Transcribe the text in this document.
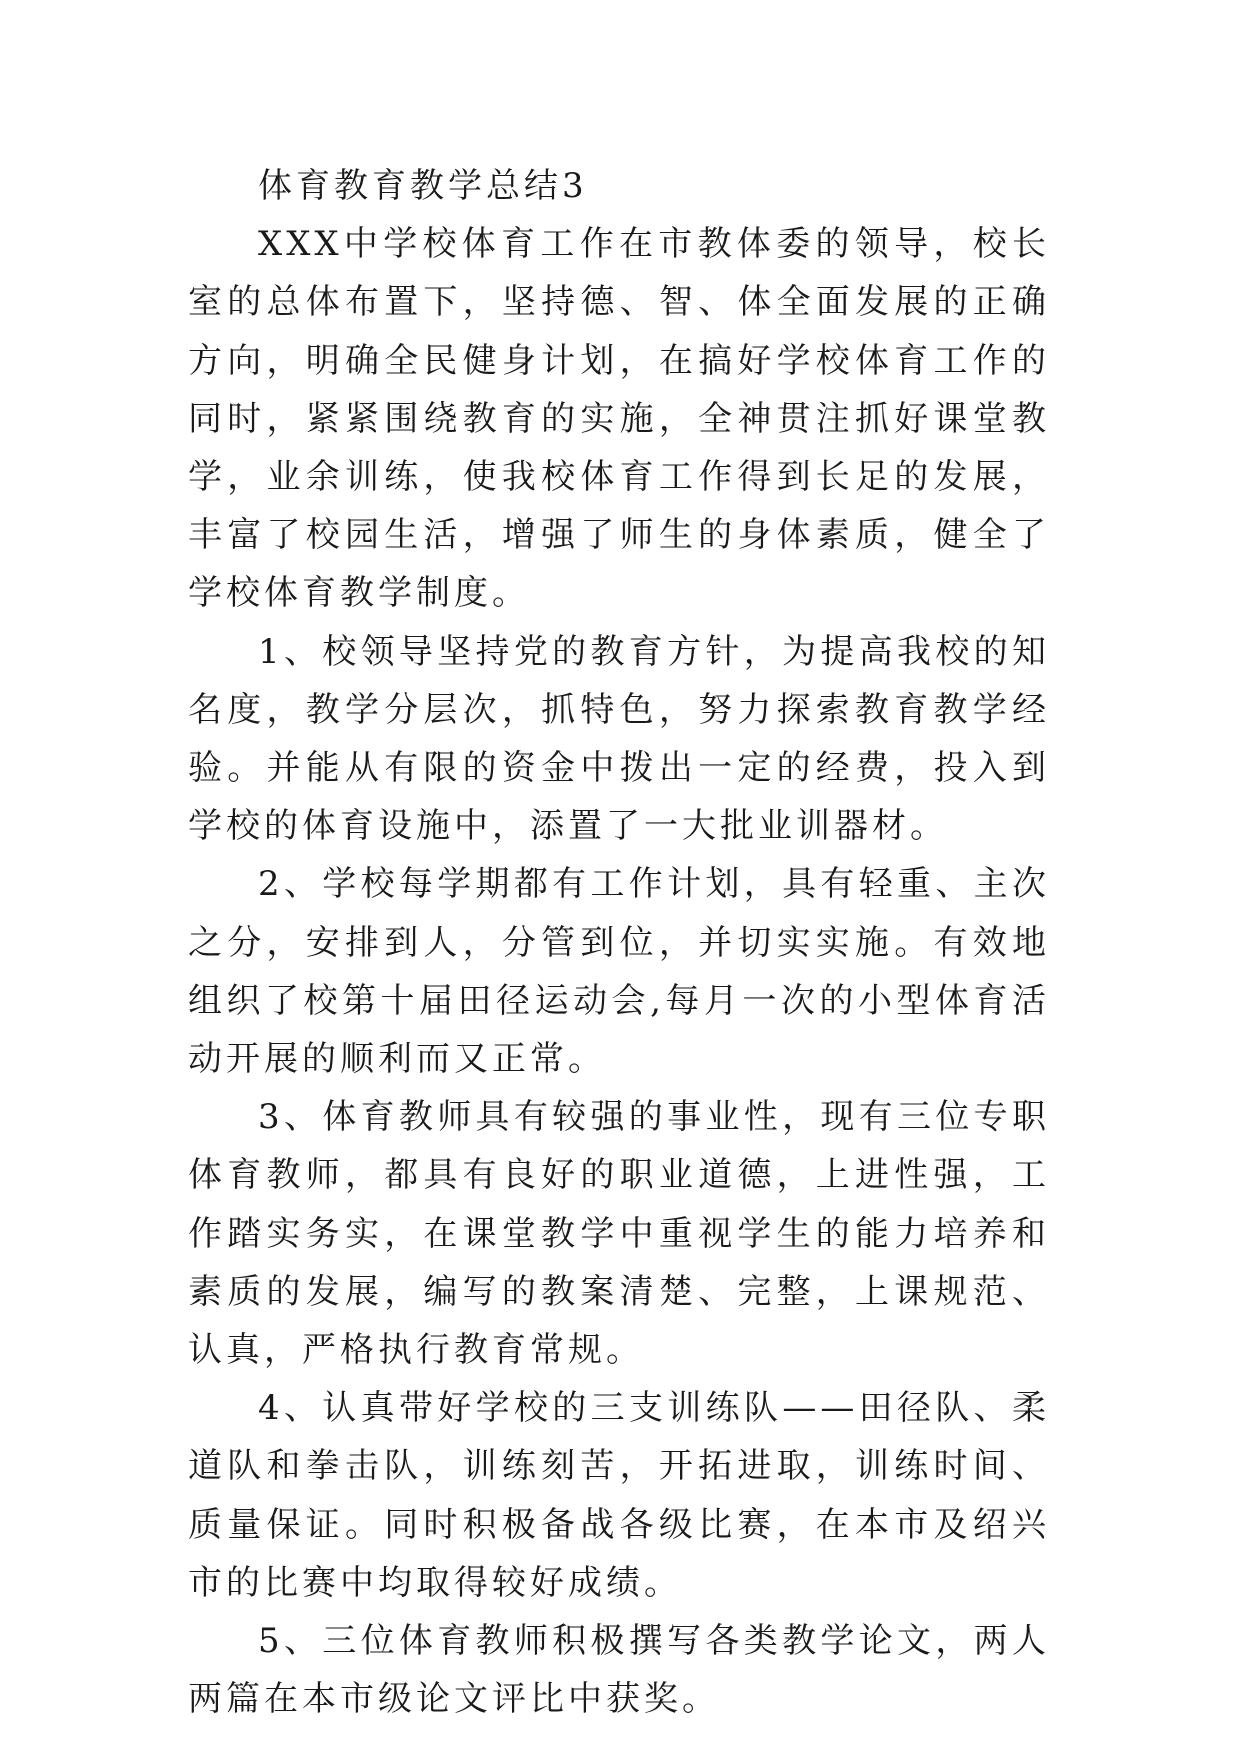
体育教育教学总结3

XXX中学校体育工作在市教体委的领导，校长室的总体布置下，坚持德、智、体全面发展的正确方向，明确全民健身计划，在搞好学校体育工作的同时，紧紧围绕教育的实施，全神贯注抓好课堂教学，业余训练，使我校体育工作得到长足的发展，丰富了校园生活，增强了师生的身体素质，健全了学校体育教学制度。

1、校领导坚持党的教育方针，为提高我校的知名度，教学分层次，抓特色，努力探索教育教学经验。并能从有限的资金中拨出一定的经费，投入到学校的体育设施中，添置了一大批业训器材。

2、学校每学期都有工作计划，具有轻重、主次之分，安排到人，分管到位，并切实实施。有效地组织了校第十届田径运动会,每月一次的小型体育活动开展的顺利而又正常。

3、体育教师具有较强的事业性，现有三位专职体育教师，都具有良好的职业道德，上进性强，工作踏实务实，在课堂教学中重视学生的能力培养和素质的发展，编写的教案清楚、完整，上课规范、认真，严格执行教育常规。

4、认真带好学校的三支训练队——田径队、柔道队和拳击队，训练刻苦，开拓进取，训练时间、质量保证。同时积极备战各级比赛，在本市及绍兴市的比赛中均取得较好成绩。

5、三位体育教师积极撰写各类教学论文，两人两篇在本市级论文评比中获奖。
